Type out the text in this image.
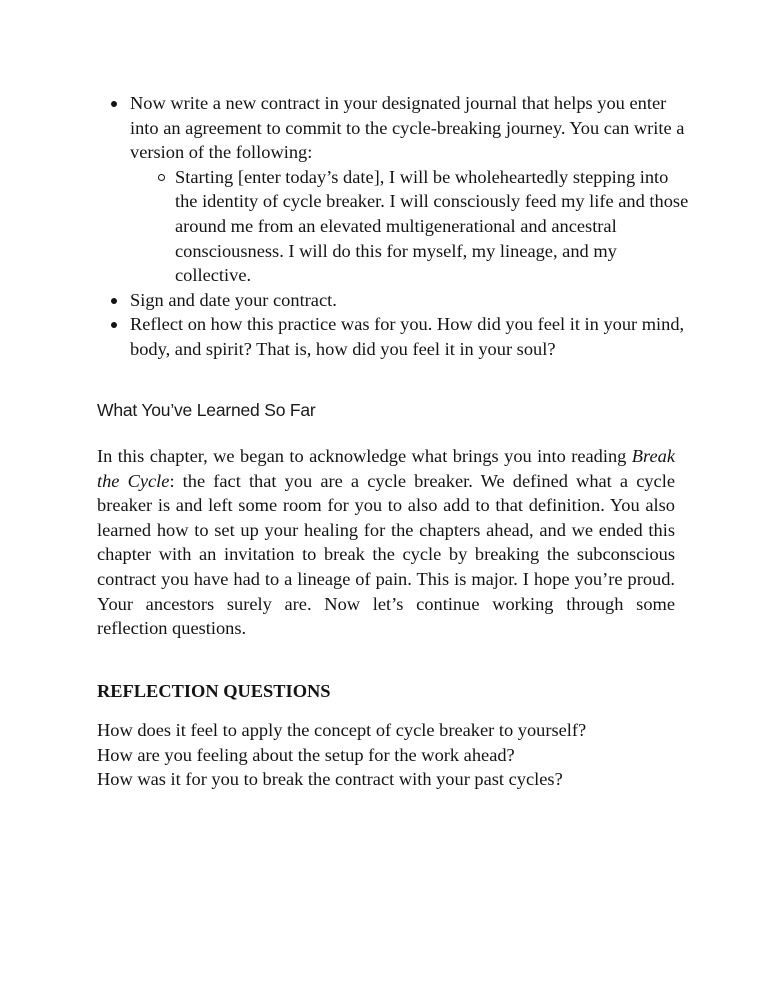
Now write a new contract in your designated journal that helps you enter into an agreement to commit to the cycle-breaking journey. You can write a version of the following:
Starting [enter today’s date], I will be wholeheartedly stepping into the identity of cycle breaker. I will consciously feed my life and those around me from an elevated multigenerational and ancestral consciousness. I will do this for myself, my lineage, and my collective.
Sign and date your contract.
Reflect on how this practice was for you. How did you feel it in your mind, body, and spirit? That is, how did you feel it in your soul?
What You’ve Learned So Far

In this chapter, we began to acknowledge what brings you into reading Break the Cycle: the fact that you are a cycle breaker. We defined what a cycle breaker is and left some room for you to also add to that definition. You also learned how to set up your healing for the chapters ahead, and we ended this chapter with an invitation to break the cycle by breaking the subconscious contract you have had to a lineage of pain. This is major. I hope you’re proud. Your ancestors surely are. Now let’s continue working through some reflection questions.

REFLECTION QUESTIONS
How does it feel to apply the concept of cycle breaker to yourself?
How are you feeling about the setup for the work ahead?
How was it for you to break the contract with your past cycles?
